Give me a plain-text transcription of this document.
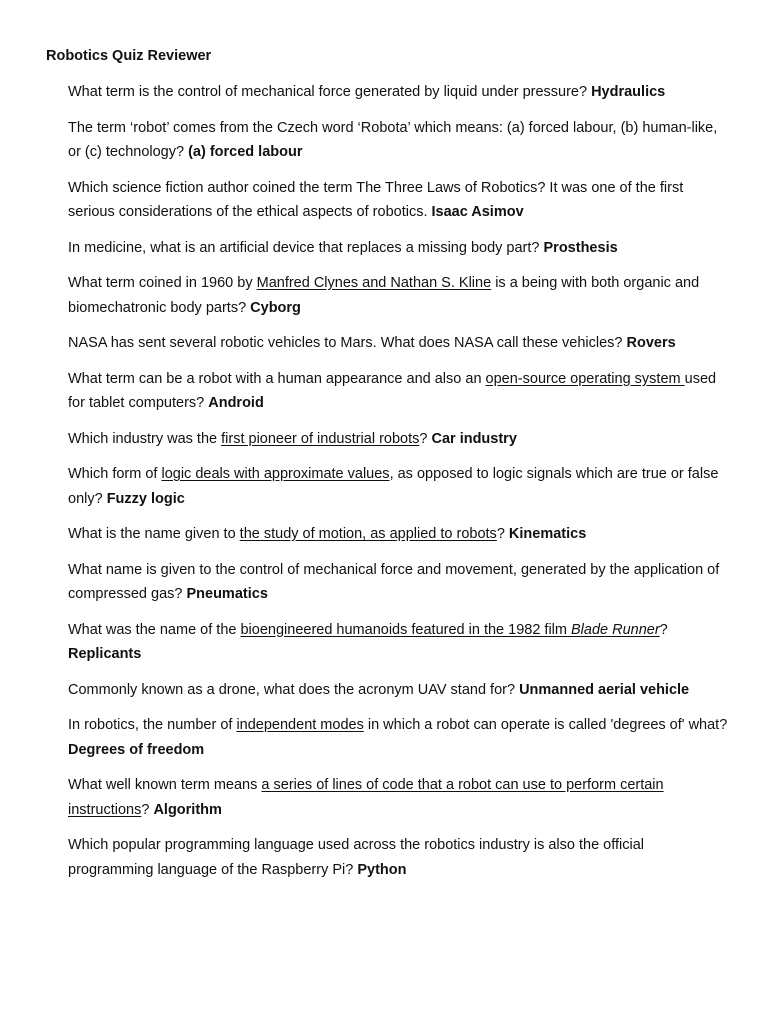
Robotics Quiz Reviewer

What term is the control of mechanical force generated by liquid under pressure? Hydraulics

The term ‘robot’ comes from the Czech word ‘Robota’ which means: (a) forced labour, (b) human-like, or (c) technology? (a) forced labour

Which science fiction author coined the term The Three Laws of Robotics? It was one of the first serious considerations of the ethical aspects of robotics. Isaac Asimov

In medicine, what is an artificial device that replaces a missing body part? Prosthesis

What term coined in 1960 by Manfred Clynes and Nathan S. Kline is a being with both organic and biomechatronic body parts? Cyborg

NASA has sent several robotic vehicles to Mars. What does NASA call these vehicles? Rovers

What term can be a robot with a human appearance and also an open-source operating system used for tablet computers? Android

Which industry was the first pioneer of industrial robots? Car industry

Which form of logic deals with approximate values, as opposed to logic signals which are true or false only? Fuzzy logic

What is the name given to the study of motion, as applied to robots? Kinematics

What name is given to the control of mechanical force and movement, generated by the application of compressed gas? Pneumatics

What was the name of the bioengineered humanoids featured in the 1982 film Blade Runner? Replicants

Commonly known as a drone, what does the acronym UAV stand for? Unmanned aerial vehicle

In robotics, the number of independent modes in which a robot can operate is called 'degrees of' what? Degrees of freedom

What well known term means a series of lines of code that a robot can use to perform certain instructions? Algorithm

Which popular programming language used across the robotics industry is also the official programming language of the Raspberry Pi? Python
